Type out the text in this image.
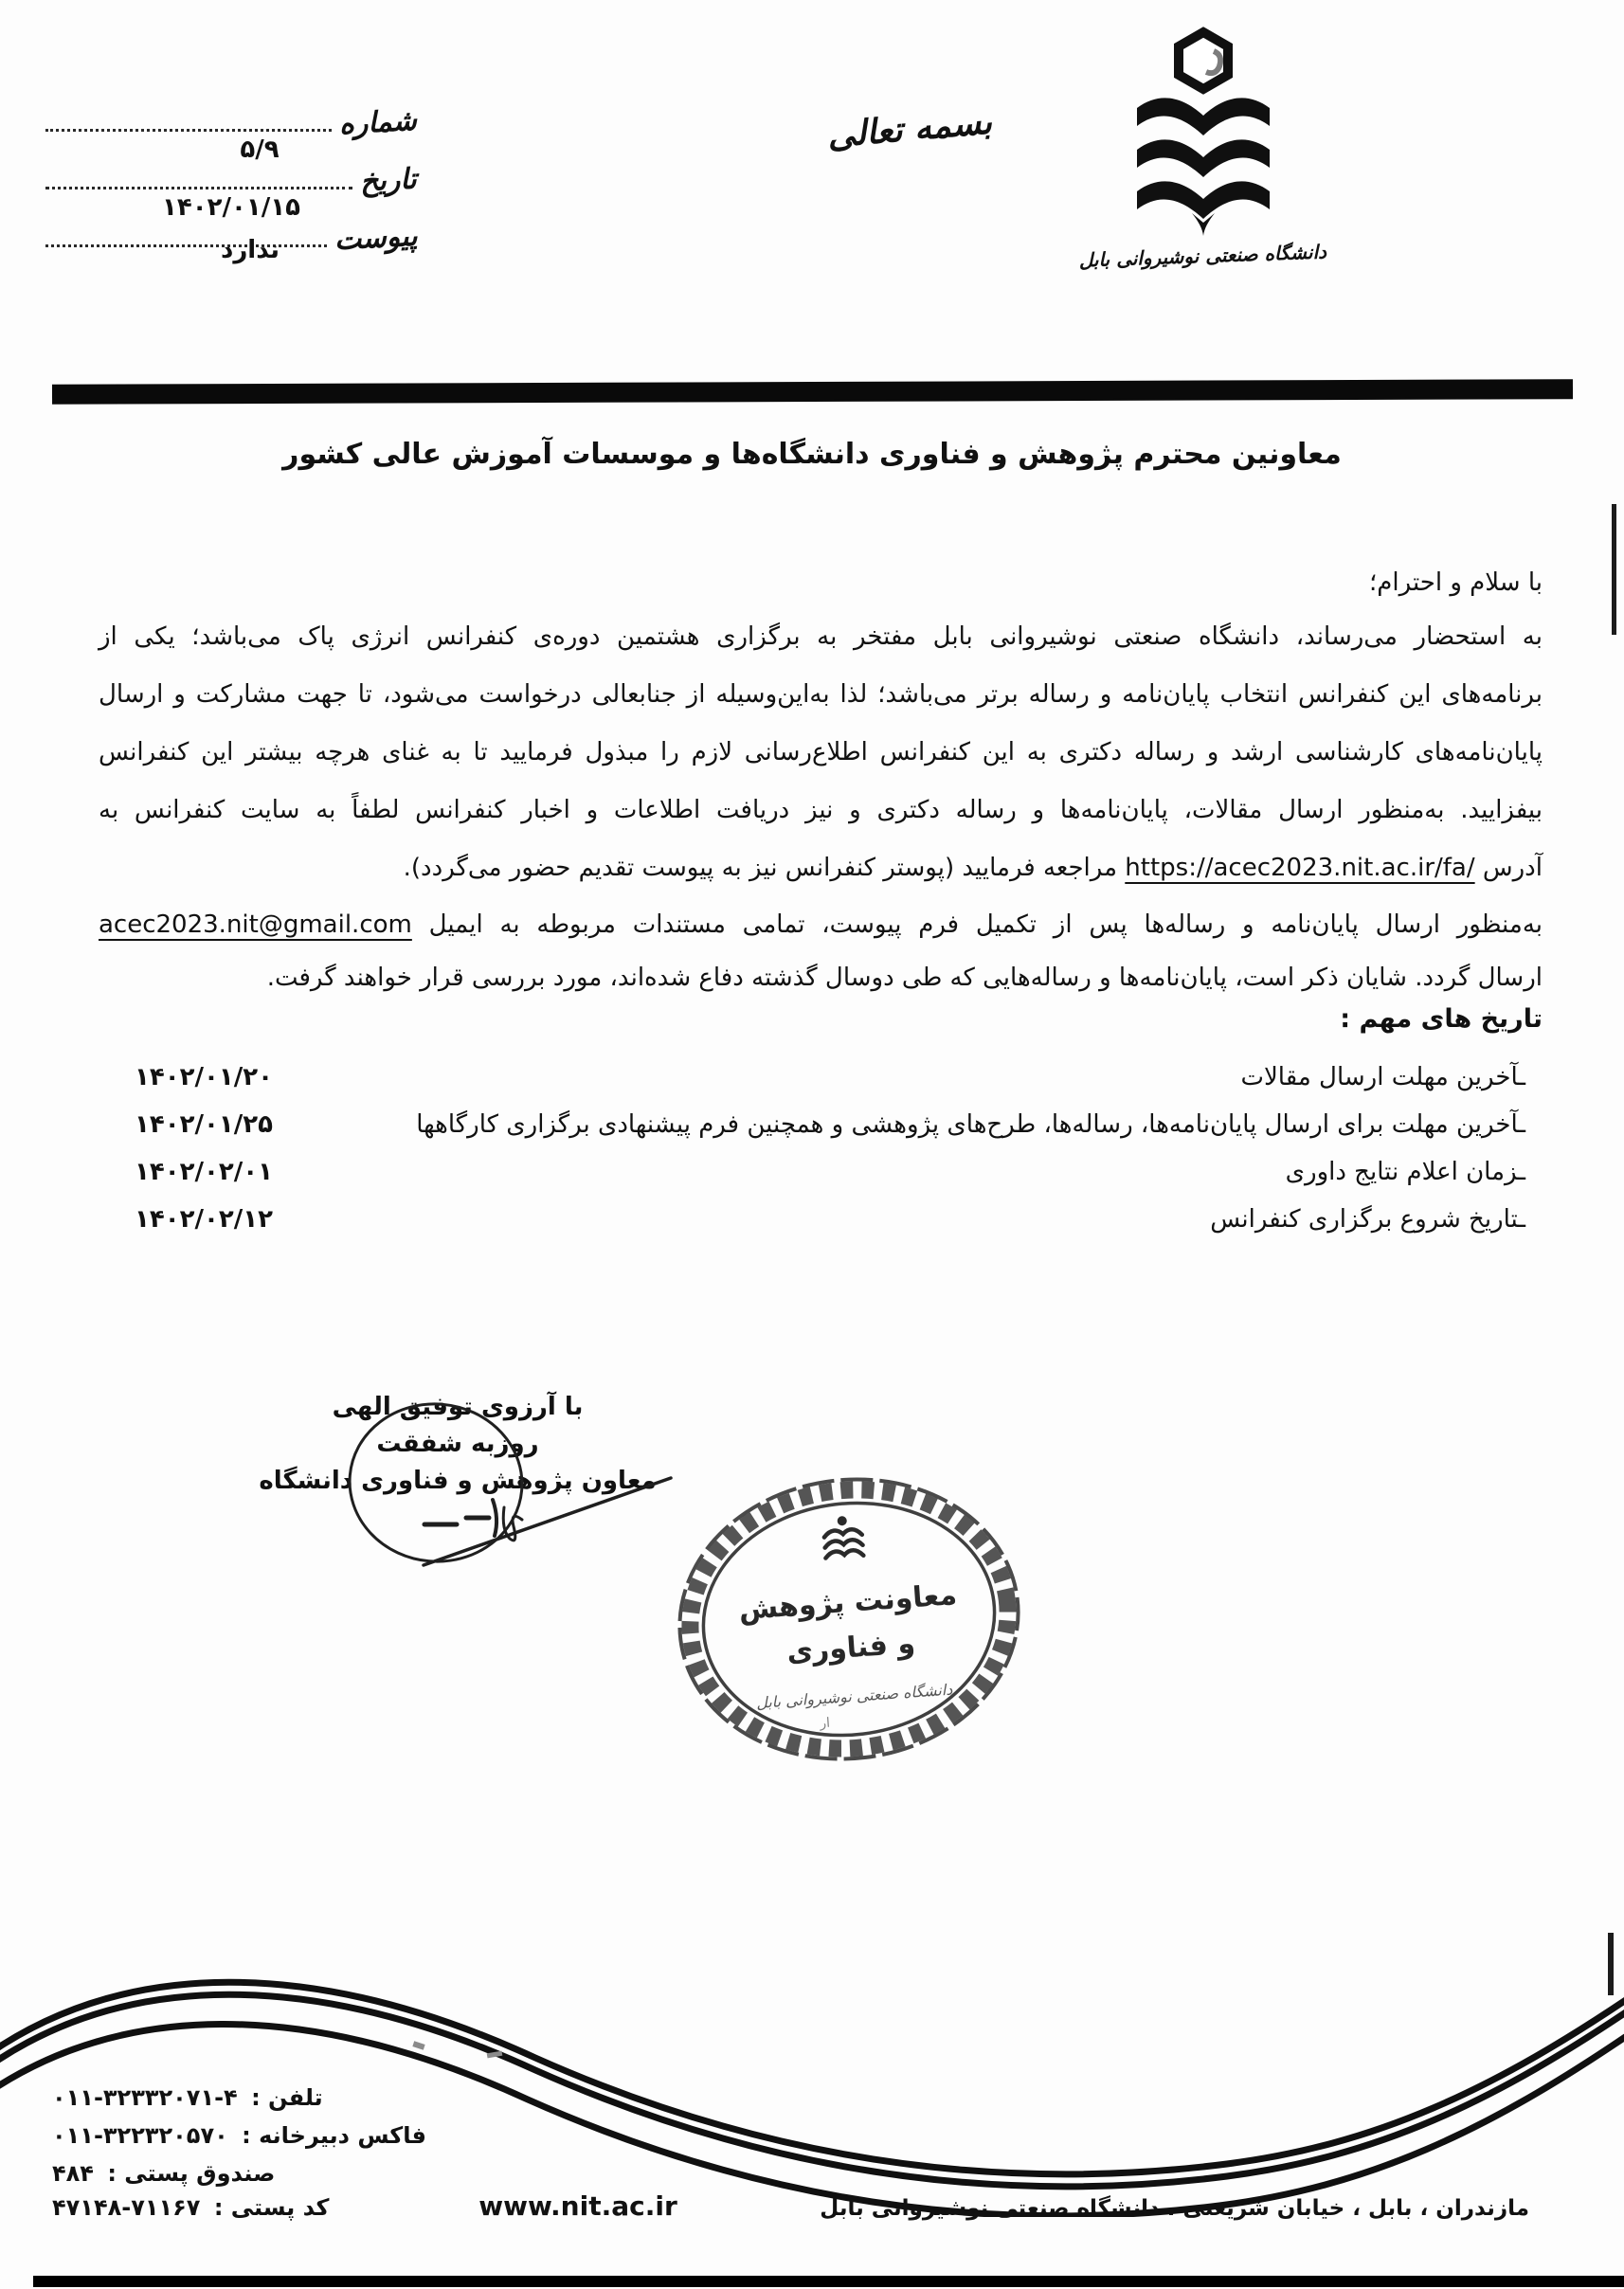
دانشگاه صنعتی نوشیروانی بابل
بسمه تعالی
شماره
۵/۹
تاریخ
۱۴۰۲/۰۱/۱۵
پیوست
ندارد
معاونین محترم پژوهش و فناوری دانشگاه‌ها و موسسات آموزش عالی کشور
با سلام و احترام؛
به استحضار می‌رساند، دانشگاه صنعتی نوشیروانی بابل مفتخر به برگزاری هشتمین دوره‌ی کنفرانس انرژی پاک می‌باشد؛ یکی از
برنامه‌های این کنفرانس انتخاب پایان‌نامه و رساله برتر می‌باشد؛ لذا به‌این‌وسیله از جنابعالی درخواست می‌شود، تا جهت مشارکت و ارسال
پایان‌نامه‌های کارشناسی ارشد و رساله دکتری به این کنفرانس اطلاع‌رسانی لازم را مبذول فرمایید تا به غنای هرچه بیشتر این کنفرانس
بیفزایید. به‌منظور ارسال مقالات، پایان‌نامه‌ها و رساله دکتری و نیز دریافت اطلاعات و اخبار کنفرانس لطفاً به سایت کنفرانس به
آدرس https://acec2023.nit.ac.ir/fa/ مراجعه فرمایید (پوستر کنفرانس نیز به پیوست تقدیم حضور می‌گردد).
به‌منظور ارسال پایان‌نامه و رساله‌ها پس از تکمیل فرم پیوست، تمامی مستندات مربوطه به ایمیل acec2023.nit@gmail.com
ارسال گردد. شایان ذکر است، پایان‌نامه‌ها و رساله‌هایی که طی دوسال گذشته دفاع شده‌اند، مورد بررسی قرار خواهند گرفت.
تاریخ های مهم :
ـآخرین مهلت ارسال مقالات
۱۴۰۲/۰۱/۲۰
ـآخرین مهلت برای ارسال پایان‌نامه‌ها، رساله‌ها، طرح‌های پژوهشی و همچنین فرم پیشنهادی برگزاری کارگاهها
۱۴۰۲/۰۱/۲۵
ـزمان اعلام نتایج داوری
۱۴۰۲/۰۲/۰۱
ـتاریخ شروع برگزاری کنفرانس
۱۴۰۲/۰۲/۱۲
با آرزوی توفیق الهی
روزبه شفقت
معاون پژوهش و فناوری دانشگاه
معاونت پژوهش
و فناوری
دانشگاه صنعتی نوشیروانی بابل
ار
تلفن : ۰۱۱-۳۲۳۳۲۰۷۱-۴
فاکس دبیرخانه : ۰۱۱-۳۲۲۳۲۰۵۷۰
صندوق پستی : ۴۸۴
کد پستی : ۴۷۱۴۸-۷۱۱۶۷	www.nit.ac.ir	مازندران ، بابل ، خیابان شریعتی ، دانشگاه صنعتی نوشیروانی بابل
